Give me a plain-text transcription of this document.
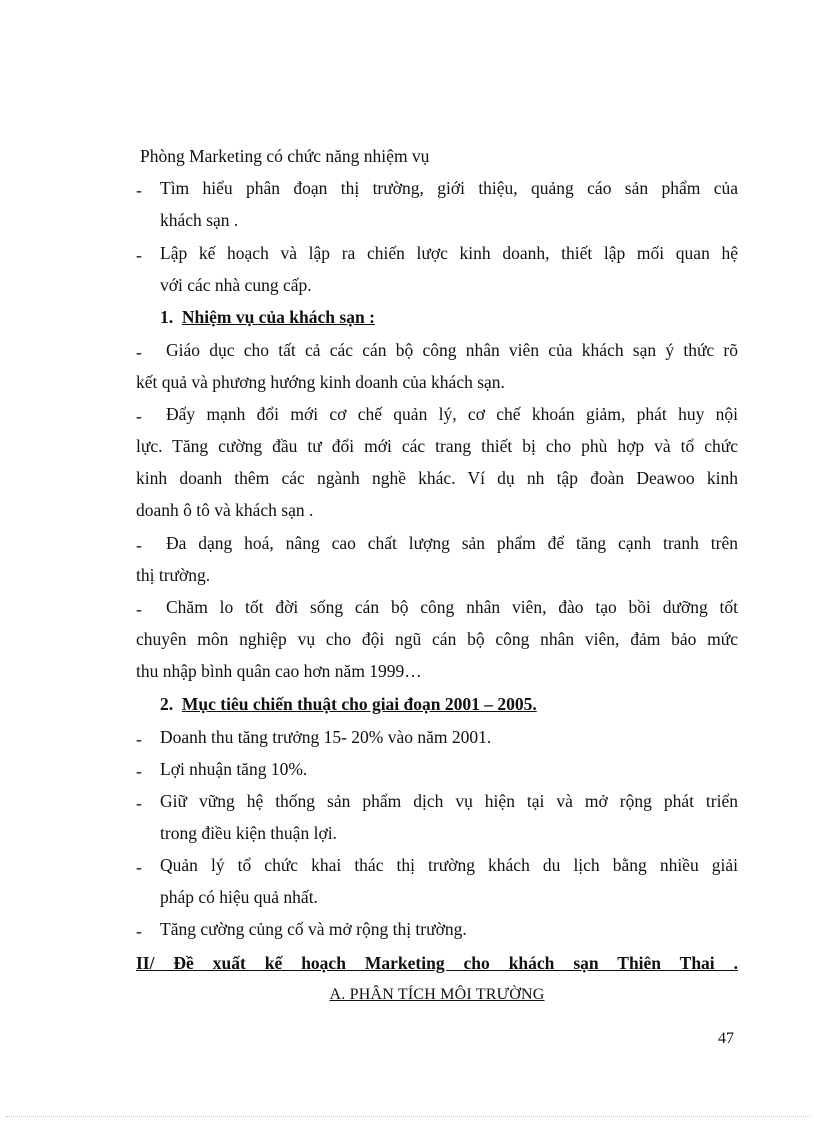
Phòng Marketing có chức năng nhiệm vụ
-	Tìm hiểu phân đoạn thị trường, giới thiệu, quảng cáo sản phẩm của
khách sạn .
-	Lập kế hoạch và lập ra chiến lược kinh doanh, thiết lập mối quan hệ
với các nhà cung cấp.
1. Nhiệm vụ của khách sạn :
-	Giáo dục cho tất cả các cán bộ công nhân viên của khách sạn ý thức rõ
kết quả và phương hướng kinh doanh của khách sạn.
-	Đẩy mạnh đổi mới cơ chế quản lý, cơ chế khoán giảm, phát huy nội
lực. Tăng cường đầu tư đổi mới các trang thiết bị cho phù hợp và tổ chức
kinh doanh thêm các ngành nghề khác. Ví dụ nh tập đoàn Deawoo kinh
doanh ô tô và khách sạn .
-	Đa dạng hoá, nâng cao chất lượng sản phẩm để tăng cạnh tranh trên
thị trường.
-	Chăm lo tốt đời sống cán bộ công nhân viên, đào tạo bồi dưỡng tốt
chuyên môn nghiệp vụ cho đội ngũ cán bộ công nhân viên, đảm bảo mức
thu nhập bình quân cao hơn năm 1999…
2. Mục tiêu chiến thuật cho giai đoạn 2001 – 2005.
-	Doanh thu tăng trưởng 15- 20% vào năm 2001.
-	Lợi nhuận tăng 10%.
-	Giữ vững hệ thống sản phẩm dịch vụ hiện tại và mở rộng phát triển
trong điều kiện thuận lợi.
-	Quản lý tổ chức khai thác thị trường khách du lịch bằng nhiều giải
pháp có hiệu quả nhất.
-	Tăng cường củng cố và mở rộng thị trường.
II/ Đề xuất kế hoạch Marketing cho khách sạn Thiên Thai .
A. PHÂN TÍCH MÔI TRƯỜNG
47
